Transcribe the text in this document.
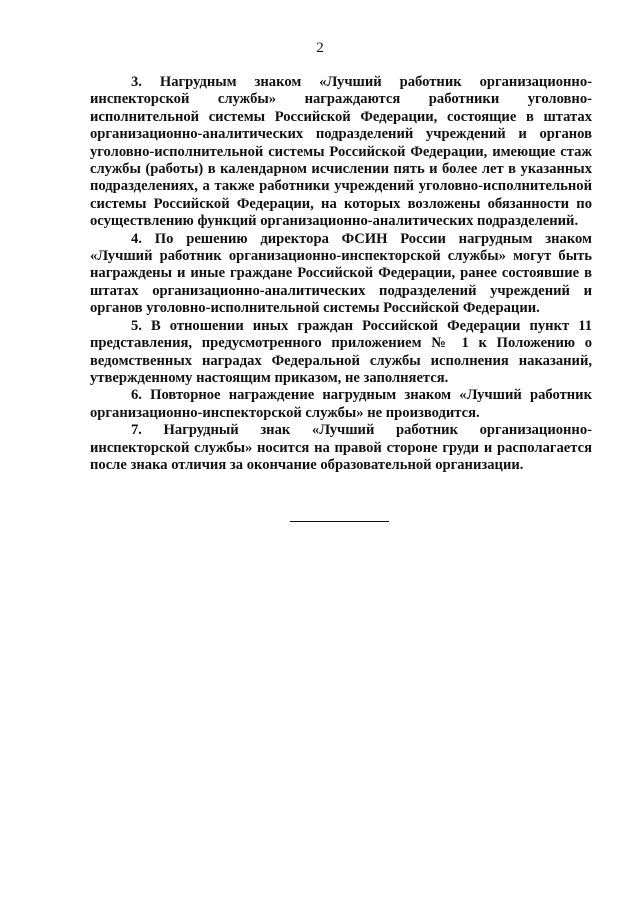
2

3. Нагрудным знаком «Лучший работник организационно-инспекторской службы» награждаются работники уголовно-исполнительной системы Российской Федерации, состоящие в штатах организационно-аналитических подразделений учреждений и органов уголовно-исполнительной системы Российской Федерации, имеющие стаж службы (работы) в календарном исчислении пять и более лет в указанных подразделениях, а также работники учреждений уголовно-исполнительной системы Российской Федерации, на которых возложены обязанности по осуществлению функций организационно-аналитических подразделений.

4. По решению директора ФСИН России нагрудным знаком «Лучший работник организационно-инспекторской службы» могут быть награждены и иные граждане Российской Федерации, ранее состоявшие в штатах организационно-аналитических подразделений учреждений и органов уголовно-исполнительной системы Российской Федерации.

5. В отношении иных граждан Российской Федерации пункт 11 представления, предусмотренного приложением № 1 к Положению о ведомственных наградах Федеральной службы исполнения наказаний, утвержденному настоящим приказом, не заполняется.

6. Повторное награждение нагрудным знаком «Лучший работник организационно-инспекторской службы» не производится.

7. Нагрудный знак «Лучший работник организационно-инспекторской службы» носится на правой стороне груди и располагается после знака отличия за окончание образовательной организации.
